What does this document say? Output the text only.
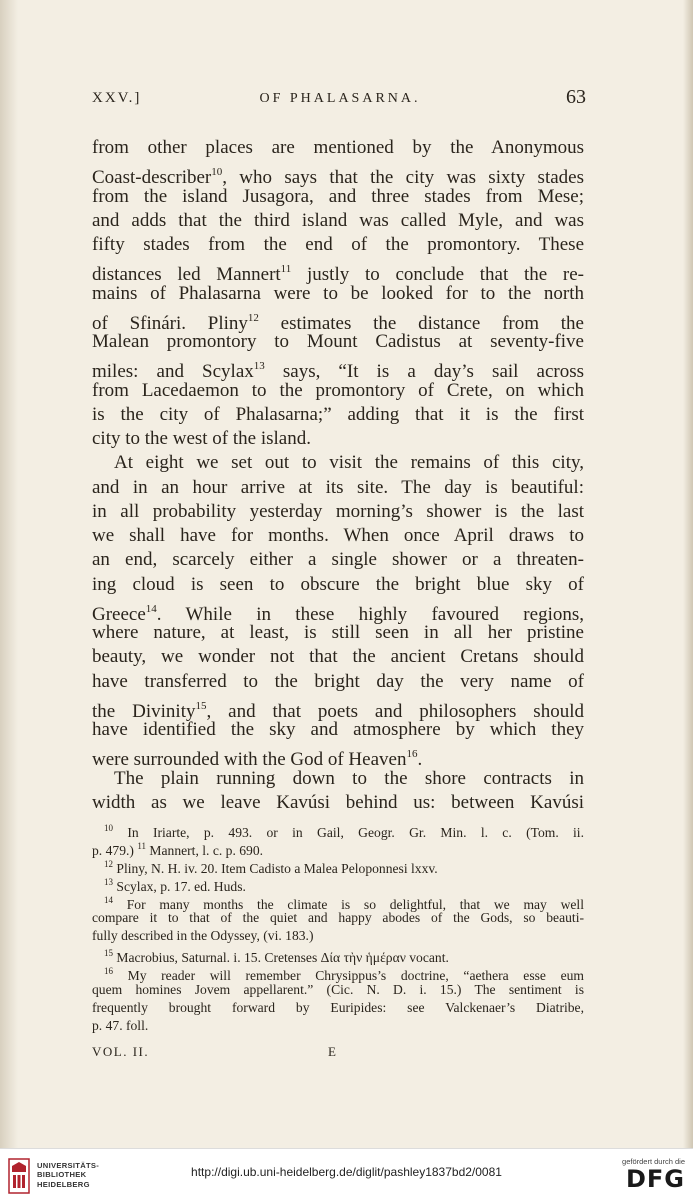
XXV.]	OF PHALASARNA.	63
from other places are mentioned by the Anonymous
Coast-describer$^{10}$, who says that the city was sixty stades
from the island Jusagora, and three stades from Mese;
and adds that the third island was called Myle, and was
fifty stades from the end of the promontory. These
distances led Mannert$^{11}$ justly to conclude that the re-
mains of Phalasarna were to be looked for to the north
of Sfinári. Pliny$^{12}$ estimates the distance from the
Malean promontory to Mount Cadistus at seventy-five
miles: and Scylax$^{13}$ says, “It is a day’s sail across
from Lacedaemon to the promontory of Crete, on which
is the city of Phalasarna;” adding that it is the first
city to the west of the island.
At eight we set out to visit the remains of this city,
and in an hour arrive at its site. The day is beautiful:
in all probability yesterday morning’s shower is the last
we shall have for months. When once April draws to
an end, scarcely either a single shower or a threaten-
ing cloud is seen to obscure the bright blue sky of
Greece$^{14}$. While in these highly favoured regions,
where nature, at least, is still seen in all her pristine
beauty, we wonder not that the ancient Cretans should
have transferred to the bright day the very name of
the Divinity$^{15}$, and that poets and philosophers should
have identified the sky and atmosphere by which they
were surrounded with the God of Heaven$^{16}$.
The plain running down to the shore contracts in
width as we leave Kavúsi behind us: between Kavúsi
$^{10}$ In Iriarte, p. 493. or in Gail, Geogr. Gr. Min. l. c. (Tom. ii.
p. 479.) $^{11}$ Mannert, l. c. p. 690.
$^{12}$ Pliny, N. H. iv. 20. Item Cadisto a Malea Peloponnesi lxxv.
$^{13}$ Scylax, p. 17. ed. Huds.
$^{14}$ For many months the climate is so delightful, that we may well
compare it to that of the quiet and happy abodes of the Gods, so beauti-
fully described in the Odyssey, (vi. 183.)
$^{15}$ Macrobius, Saturnal. i. 15. Cretenses Δία τὴν ἡμέραν vocant.
$^{16}$ My reader will remember Chrysippus’s doctrine, “aethera esse eum
quem homines Jovem appellarent.” (Cic. N. D. i. 15.) The sentiment is
frequently brought forward by Euripides: see Valckenaer’s Diatribe,
p. 47. foll.
VOL. II.	E
UNIVERSITÄTS-
BIBLIOTHEK
HEIDELBERG
http://digi.ub.uni-heidelberg.de/diglit/pashley1837bd2/0081
gefördert durch die
DFG
